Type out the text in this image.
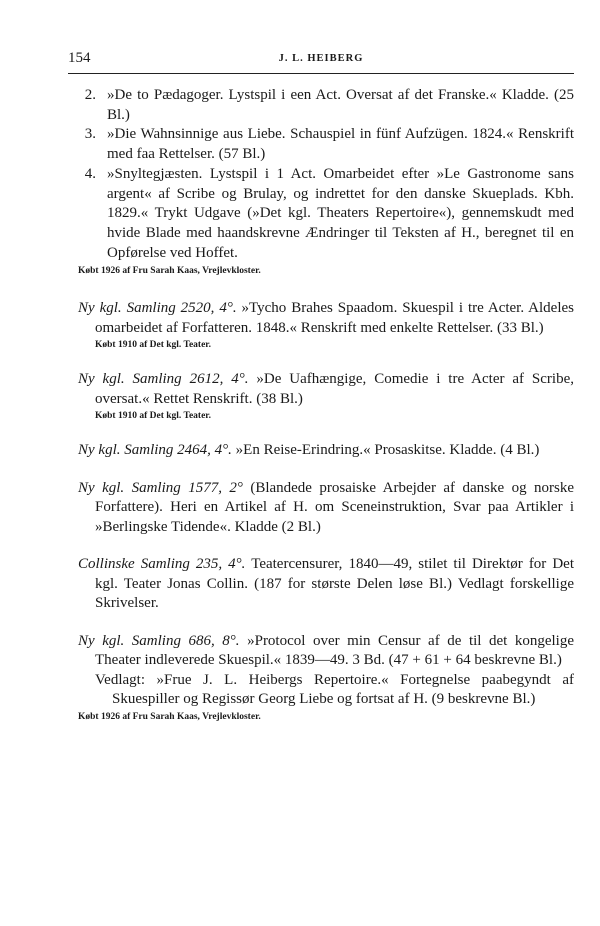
154	J. L. HEIBERG
2. »De to Pædagoger. Lystspil i een Act. Oversat af det Franske.« Kladde. (25 Bl.)
3. »Die Wahnsinnige aus Liebe. Schauspiel in fünf Aufzügen. 1824.« Renskrift med faa Rettelser. (57 Bl.)
4. »Snyltegjæsten. Lystspil i 1 Act. Omarbeidet efter »Le Gastronome sans argent« af Scribe og Brulay, og indrettet for den danske Skueplads. Kbh. 1829.« Trykt Udgave (»Det kgl. Theaters Repertoire«), gennemskudt med hvide Blade med haandskrevne Ændringer til Teksten af H., beregnet til en Opførelse ved Hoffet.

Købt 1926 af Fru Sarah Kaas, Vrejlevkloster.

Ny kgl. Samling 2520, 4°. »Tycho Brahes Spaadom. Skuespil i tre Acter. Aldeles omarbeidet af Forfatteren. 1848.« Renskrift med enkelte Rettelser. (33 Bl.)

Købt 1910 af Det kgl. Teater.

Ny kgl. Samling 2612, 4°. »De Uafhængige, Comedie i tre Acter af Scribe, oversat.« Rettet Renskrift. (38 Bl.)

Købt 1910 af Det kgl. Teater.

Ny kgl. Samling 2464, 4°. »En Reise-Erindring.« Prosaskitse. Kladde. (4 Bl.)

Ny kgl. Samling 1577, 2° (Blandede prosaiske Arbejder af danske og norske Forfattere). Heri en Artikel af H. om Sceneinstruktion, Svar paa Artikler i »Berlingske Tidende«. Kladde (2 Bl.)

Collinske Samling 235, 4°. Teatercensurer, 1840—49, stilet til Direktør for Det kgl. Teater Jonas Collin. (187 for største Delen løse Bl.) Vedlagt forskellige Skrivelser.

Ny kgl. Samling 686, 8°. »Protocol over min Censur af de til det kongelige Theater indleverede Skuespil.« 1839—49. 3 Bd. (47 + 61 + 64 beskrevne Bl.)

Vedlagt: »Frue J. L. Heibergs Repertoire.« Fortegnelse paabegyndt af Skuespiller og Regissør Georg Liebe og fortsat af H. (9 beskrevne Bl.)

Købt 1926 af Fru Sarah Kaas, Vrejlevkloster.
